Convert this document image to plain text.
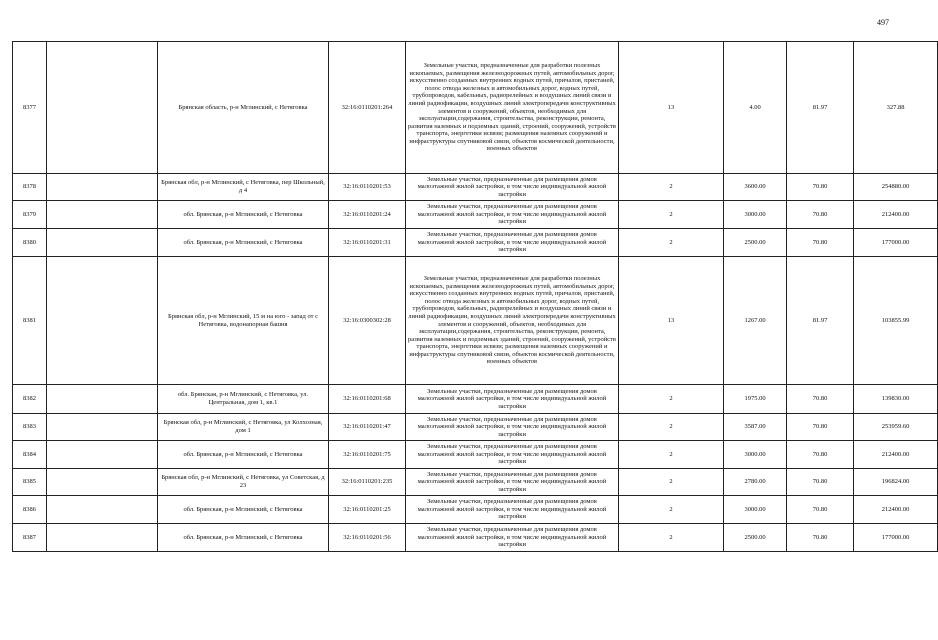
497
8377		Брянская область, р-н Мглинский, с Нетяговка	32:16:0110201:264	Земельные участки, предназначенные для разработки полезных ископаемых, размещения железнодорожных путей, автомобильных дорог, искусственно созданных внутренних водных путей, причалов, пристаней, полос отвода железных и автомобильных дорог, водных путей, трубопроводов, кабельных, радиорелейных и воздушных линий связи и линий радиофикации, воздушных линий электропередачи конструктивных элементов и сооружений, объектов, необходимых для эксплуатации,содержания, строительства, реконструкции, ремонта, развития наземных и подземных зданий, строений, сооружений, устройств транспорта, энергетики исвязи; размещения наземных сооружений и инфраструктуры спутниковой связи, объектов космической деятельности, военных объектов	13	4.00	81.97	327.88
8378		Брянская обл, р-н Мглинский, с Нетяговка, пер Школьный, д 4	32:16:0110201:53	Земельные участки, предназначенные для размещения домов малоэтажной жилой застройки, в том числе индивидуальной жилой застройки	2	3600.00	70.80	254880.00
8379		обл. Брянская, р-н Мглинский, с Нетяговка	32:16:0110201:24	Земельные участки, предназначенные для размещения домов малоэтажной жилой застройки, в том числе индивидуальной жилой застройки	2	3000.00	70.80	212400.00
8380		обл. Брянская, р-н Мглинский, с Нетяговка	32:16:0110201:31	Земельные участки, предназначенные для размещения домов малоэтажной жилой застройки, в том числе индивидуальной жилой застройки	2	2500.00	70.80	177000.00
8381		Брянская обл, р-н Мглинский, 15 м на юго - запад от с Нетяговка, водонапорная башня	32:16:0300302:28	Земельные участки, предназначенные для разработки полезных ископаемых, размещения железнодорожных путей, автомобильных дорог, искусственно созданных внутренних водных путей, причалов, пристаней, полос отвода железных и автомобильных дорог, водных путей, трубопроводов, кабельных, радиорелейных и воздушных линий связи и линий радиофикации, воздушных линий электропередачи конструктивных элементов и сооружений, объектов, необходимых для эксплуатации,содержания, строительства, реконструкции, ремонта, развития наземных и подземных зданий, строений, сооружений, устройств транспорта, энергетики исвязи; размещения наземных сооружений и инфраструктуры спутниковой связи, объектов космической деятельности, военных объектов	13	1267.00	81.97	103855.99
8382		обл. Брянская, р-н Мглинский, с Нетяговка, ул. Центральная, дом 1, кв.1	32:16:0110201:68	Земельные участки, предназначенные для размещения домов малоэтажной жилой застройки, в том числе индивидуальной жилой застройки	2	1975.00	70.80	139830.00
8383		Брянская обл, р-н Мглинский, с Нетяговка, ул Колхозная, дом 1	32:16:0110201:47	Земельные участки, предназначенные для размещения домов малоэтажной жилой застройки, в том числе индивидуальной жилой застройки	2	3587.00	70.80	253959.60
8384		обл. Брянская, р-н Мглинский, с Нетяговка	32:16:0110201:75	Земельные участки, предназначенные для размещения домов малоэтажной жилой застройки, в том числе индивидуальной жилой застройки	2	3000.00	70.80	212400.00
8385		Брянская обл, р-н Мглинский, с Нетяговка, ул Советская, д 23	32:16:0110201:235	Земельные участки, предназначенные для размещения домов малоэтажной жилой застройки, в том числе индивидуальной жилой застройки	2	2780.00	70.80	196824.00
8386		обл. Брянская, р-н Мглинский, с Нетяговка	32:16:0110201:25	Земельные участки, предназначенные для размещения домов малоэтажной жилой застройки, в том числе индивидуальной жилой застройки	2	3000.00	70.80	212400.00
8387		обл. Брянская, р-н Мглинский, с Нетяговка	32:16:0110201:56	Земельные участки, предназначенные для размещения домов малоэтажной жилой застройки, в том числе индивидуальной жилой застройки	2	2500.00	70.80	177000.00
